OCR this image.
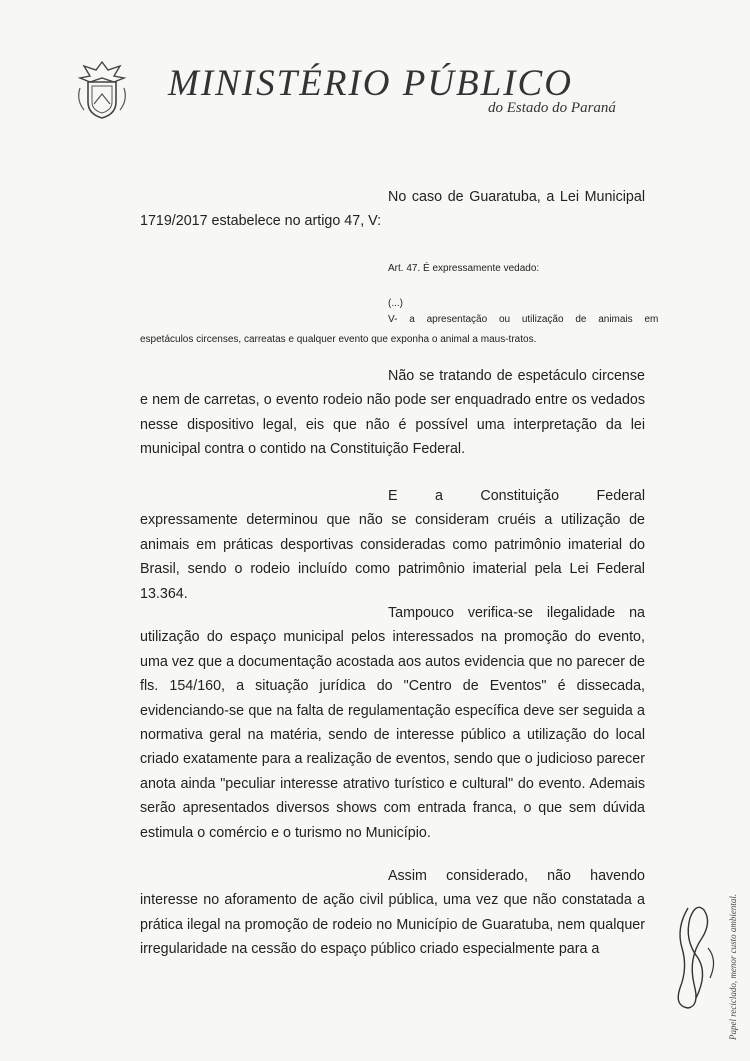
MINISTÉRIO PÚBLICO
do Estado do Paraná
No caso de Guaratuba, a Lei Municipal 1719/2017 estabelece no artigo 47, V:
Art. 47. É expressamente vedado:
(...)
V- a apresentação ou utilização de animais em
espetáculos circenses, carreatas e qualquer evento que exponha o animal a maus-tratos.
Não se tratando de espetáculo circense e nem de carretas, o evento rodeio não pode ser enquadrado entre os vedados nesse dispositivo legal, eis que não é possível uma interpretação da lei municipal contra o contido na Constituição Federal.
E a Constituição Federal expressamente determinou que não se consideram cruéis a utilização de animais em práticas desportivas consideradas como patrimônio imaterial do Brasil, sendo o rodeio incluído como patrimônio imaterial pela Lei Federal 13.364.
Tampouco verifica-se ilegalidade na utilização do espaço municipal pelos interessados na promoção do evento, uma vez que a documentação acostada aos autos evidencia que no parecer de fls. 154/160, a situação jurídica do "Centro de Eventos" é dissecada, evidenciando-se que na falta de regulamentação específica deve ser seguida a normativa geral na matéria, sendo de interesse público a utilização do local criado exatamente para a realização de eventos, sendo que o judicioso parecer anota ainda "peculiar interesse atrativo turístico e cultural" do evento. Ademais serão apresentados diversos shows com entrada franca, o que sem dúvida estimula o comércio e o turismo no Município.
Assim considerado, não havendo interesse no aforamento de ação civil pública, uma vez que não constatada a prática ilegal na promoção de rodeio no Município de Guaratuba, nem qualquer irregularidade na cessão do espaço público criado especialmente para a	Papel reciclado, menor custo ambiental.
